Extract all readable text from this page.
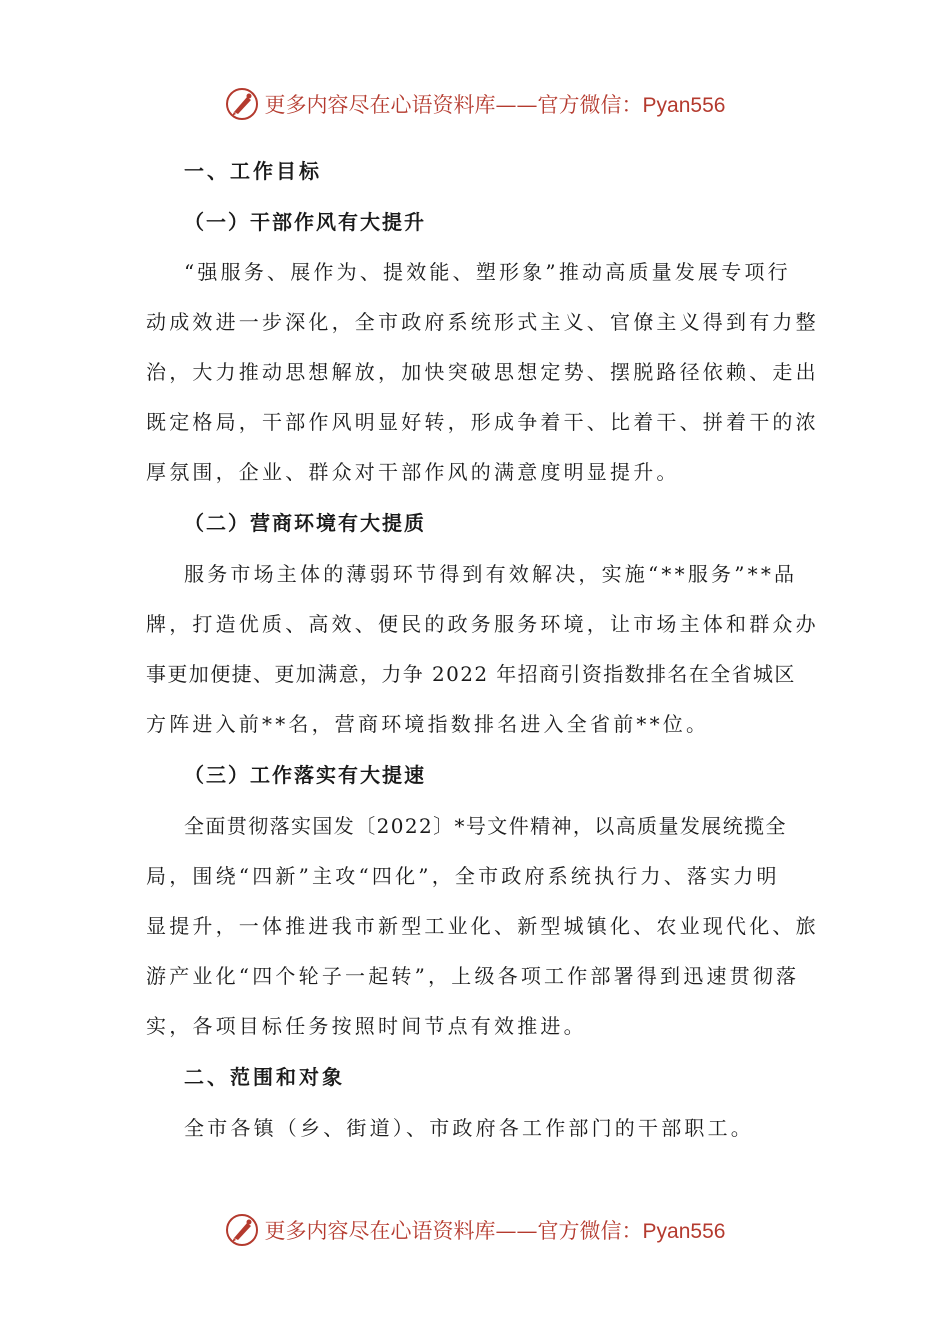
更多内容尽在心语资料库——官方微信：Pyan556
一、工作目标
（一）干部作风有大提升
“强服务、展作为、提效能、塑形象”推动高质量发展专项行
动成效进一步深化，全市政府系统形式主义、官僚主义得到有力整
治，大力推动思想解放，加快突破思想定势、摆脱路径依赖、走出
既定格局，干部作风明显好转，形成争着干、比着干、拼着干的浓
厚氛围，企业、群众对干部作风的满意度明显提升。
（二）营商环境有大提质
服务市场主体的薄弱环节得到有效解决，实施“**服务”**品
牌，打造优质、高效、便民的政务服务环境，让市场主体和群众办
事更加便捷、更加满意，力争 2022 年招商引资指数排名在全省城区
方阵进入前**名，营商环境指数排名进入全省前**位。
（三）工作落实有大提速
全面贯彻落实国发〔2022〕*号文件精神，以高质量发展统揽全
局，围绕“四新”主攻“四化”，全市政府系统执行力、落实力明
显提升，一体推进我市新型工业化、新型城镇化、农业现代化、旅
游产业化“四个轮子一起转”，上级各项工作部署得到迅速贯彻落
实，各项目标任务按照时间节点有效推进。
二、范围和对象
全市各镇（乡、街道）、市政府各工作部门的干部职工。
更多内容尽在心语资料库——官方微信：Pyan556
